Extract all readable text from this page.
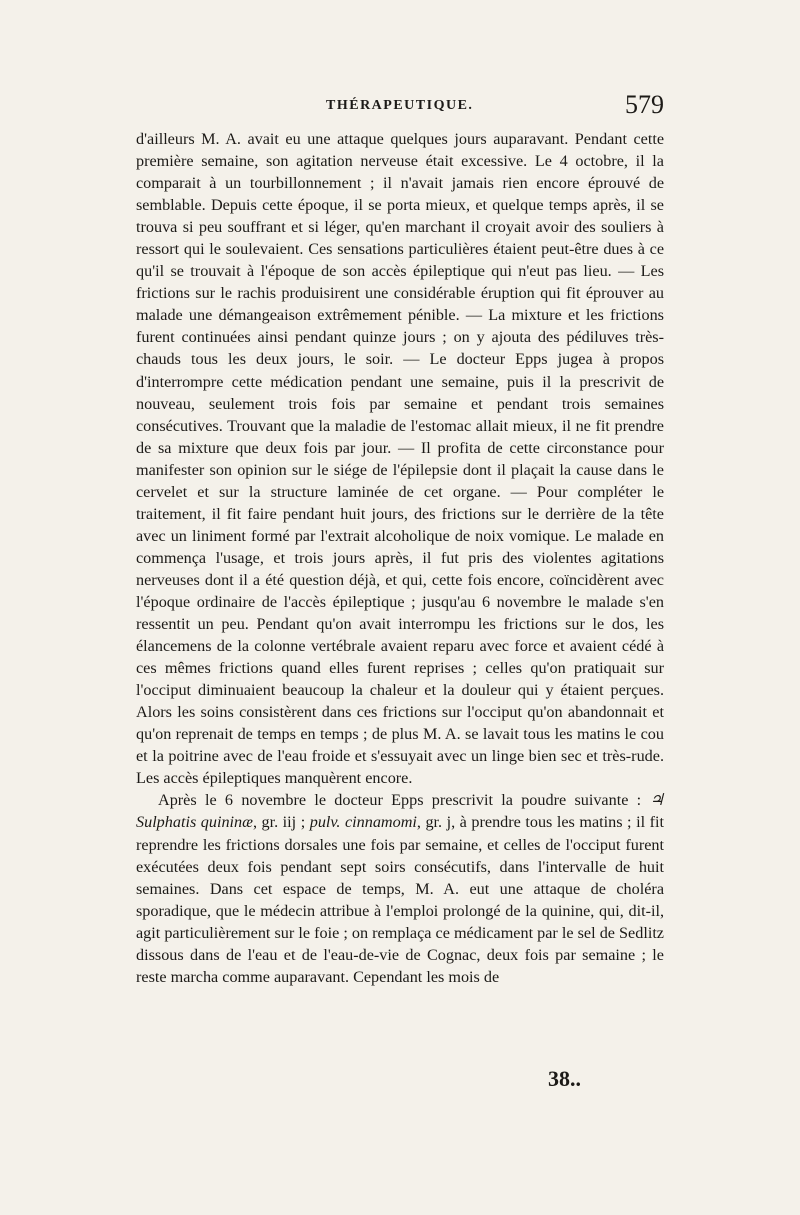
THÉRAPEUTIQUE.	579

d'ailleurs M. A. avait eu une attaque quelques jours auparavant. Pendant cette première semaine, son agitation nerveuse était excessive. Le 4 octobre, il la comparait à un tourbillonnement ; il n'avait jamais rien encore éprouvé de semblable. Depuis cette époque, il se porta mieux, et quelque temps après, il se trouva si peu souffrant et si léger, qu'en marchant il croyait avoir des souliers à ressort qui le soulevaient. Ces sensations particulières étaient peut-être dues à ce qu'il se trouvait à l'époque de son accès épileptique qui n'eut pas lieu. — Les frictions sur le rachis produisirent une considérable éruption qui fit éprouver au malade une démangeaison extrêmement pénible. — La mixture et les frictions furent continuées ainsi pendant quinze jours ; on y ajouta des pédiluves très-chauds tous les deux jours, le soir. — Le docteur Epps jugea à propos d'interrompre cette médication pendant une semaine, puis il la prescrivit de nouveau, seulement trois fois par semaine et pendant trois semaines consécutives. Trouvant que la maladie de l'estomac allait mieux, il ne fit prendre de sa mixture que deux fois par jour. — Il profita de cette circonstance pour manifester son opinion sur le siége de l'épilepsie dont il plaçait la cause dans le cervelet et sur la structure laminée de cet organe. — Pour compléter le traitement, il fit faire pendant huit jours, des frictions sur le derrière de la tête avec un liniment formé par l'extrait alcoholique de noix vomique. Le malade en commença l'usage, et trois jours après, il fut pris des violentes agitations nerveuses dont il a été question déjà, et qui, cette fois encore, coïncidèrent avec l'époque ordinaire de l'accès épileptique ; jusqu'au 6 novembre le malade s'en ressentit un peu. Pendant qu'on avait interrompu les frictions sur le dos, les élancemens de la colonne vertébrale avaient reparu avec force et avaient cédé à ces mêmes frictions quand elles furent reprises ; celles qu'on pratiquait sur l'occiput diminuaient beaucoup la chaleur et la douleur qui y étaient perçues. Alors les soins consistèrent dans ces frictions sur l'occiput qu'on abandonnait et qu'on reprenait de temps en temps ; de plus M. A. se lavait tous les matins le cou et la poitrine avec de l'eau froide et s'essuyait avec un linge bien sec et très-rude. Les accès épileptiques manquèrent encore.

Après le 6 novembre le docteur Epps prescrivit la poudre suivante : ♃ Sulphatis quininæ, gr. iij ; pulv. cinnamomi, gr. j, à prendre tous les matins ; il fit reprendre les frictions dorsales une fois par semaine, et celles de l'occiput furent exécutées deux fois pendant sept soirs consécutifs, dans l'intervalle de huit semaines. Dans cet espace de temps, M. A. eut une attaque de choléra sporadique, que le médecin attribue à l'emploi prolongé de la quinine, qui, dit-il, agit particulièrement sur le foie ; on remplaça ce médicament par le sel de Sedlitz dissous dans de l'eau et de l'eau-de-vie de Cognac, deux fois par semaine ; le reste marcha comme auparavant. Cependant les mois de

38..
